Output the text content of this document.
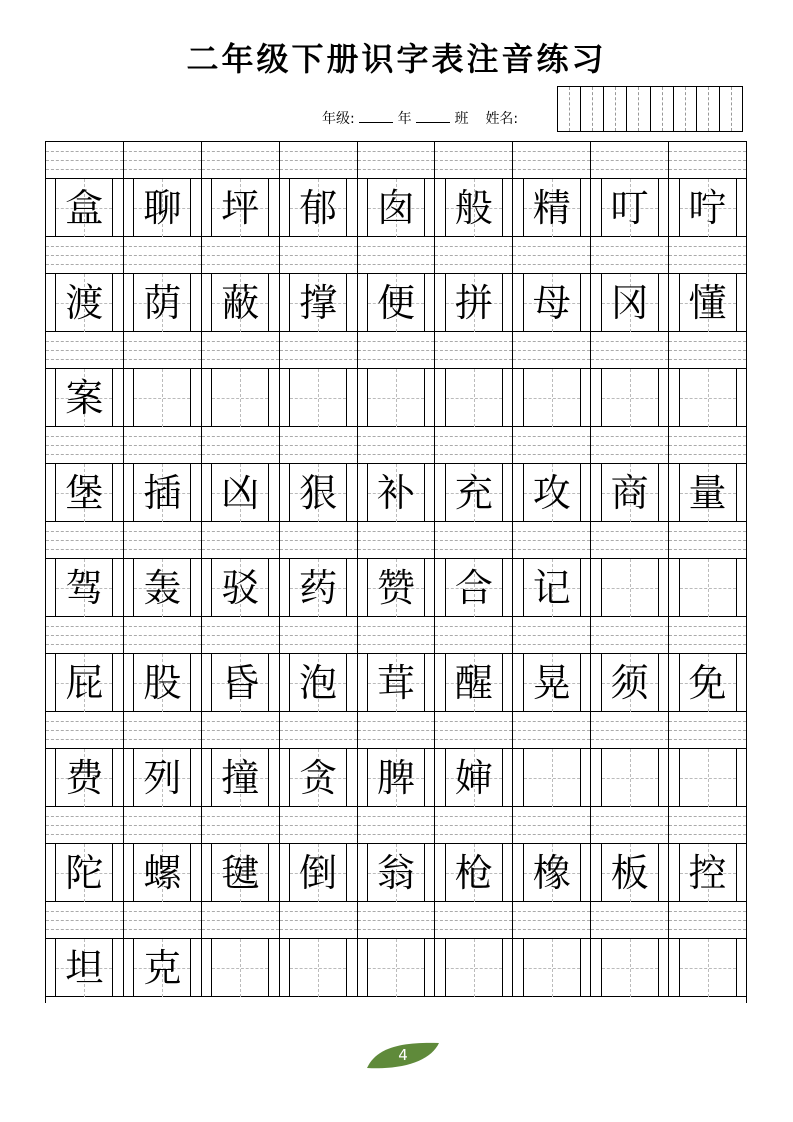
二年级下册识字表注音练习
年级:	年	班 姓名:
盒 聊 坪 郁 囱 般 精 叮 咛
渡 荫 蔽 撑 便 拼 母 冈 懂
案
堡 插 凶 狠 补 充 攻 商 量
驾 轰 驳 药 赞 合 记
屁 股 昏 泡 茸 醒 晃 须 免
费 列 撞 贪 脾 婶
陀 螺 毽 倒 翁 枪 橡 板 控
坦 克
4
